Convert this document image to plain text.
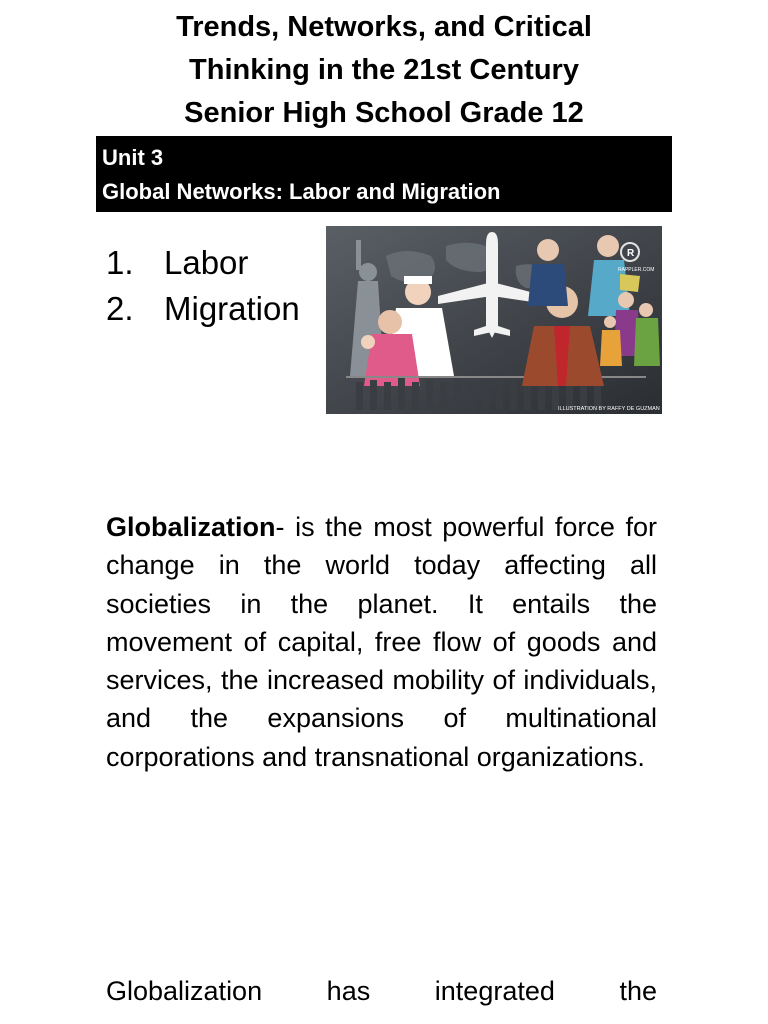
Trends, Networks, and Critical
Thinking in the 21st Century
Senior High School Grade 12
Unit 3
Global Networks: Labor and Migration
1. Labor
2. Migration
R
RAPPLER.COM
ILLUSTRATION BY RAFFY DE GUZMAN

Globalization- is the most powerful force for change in the world today affecting all societies in the planet. It entails the movement of capital, free flow of goods and services, the increased mobility of individuals, and the expansions of multinational corporations and transnational organizations.

Globalization has integrated the
